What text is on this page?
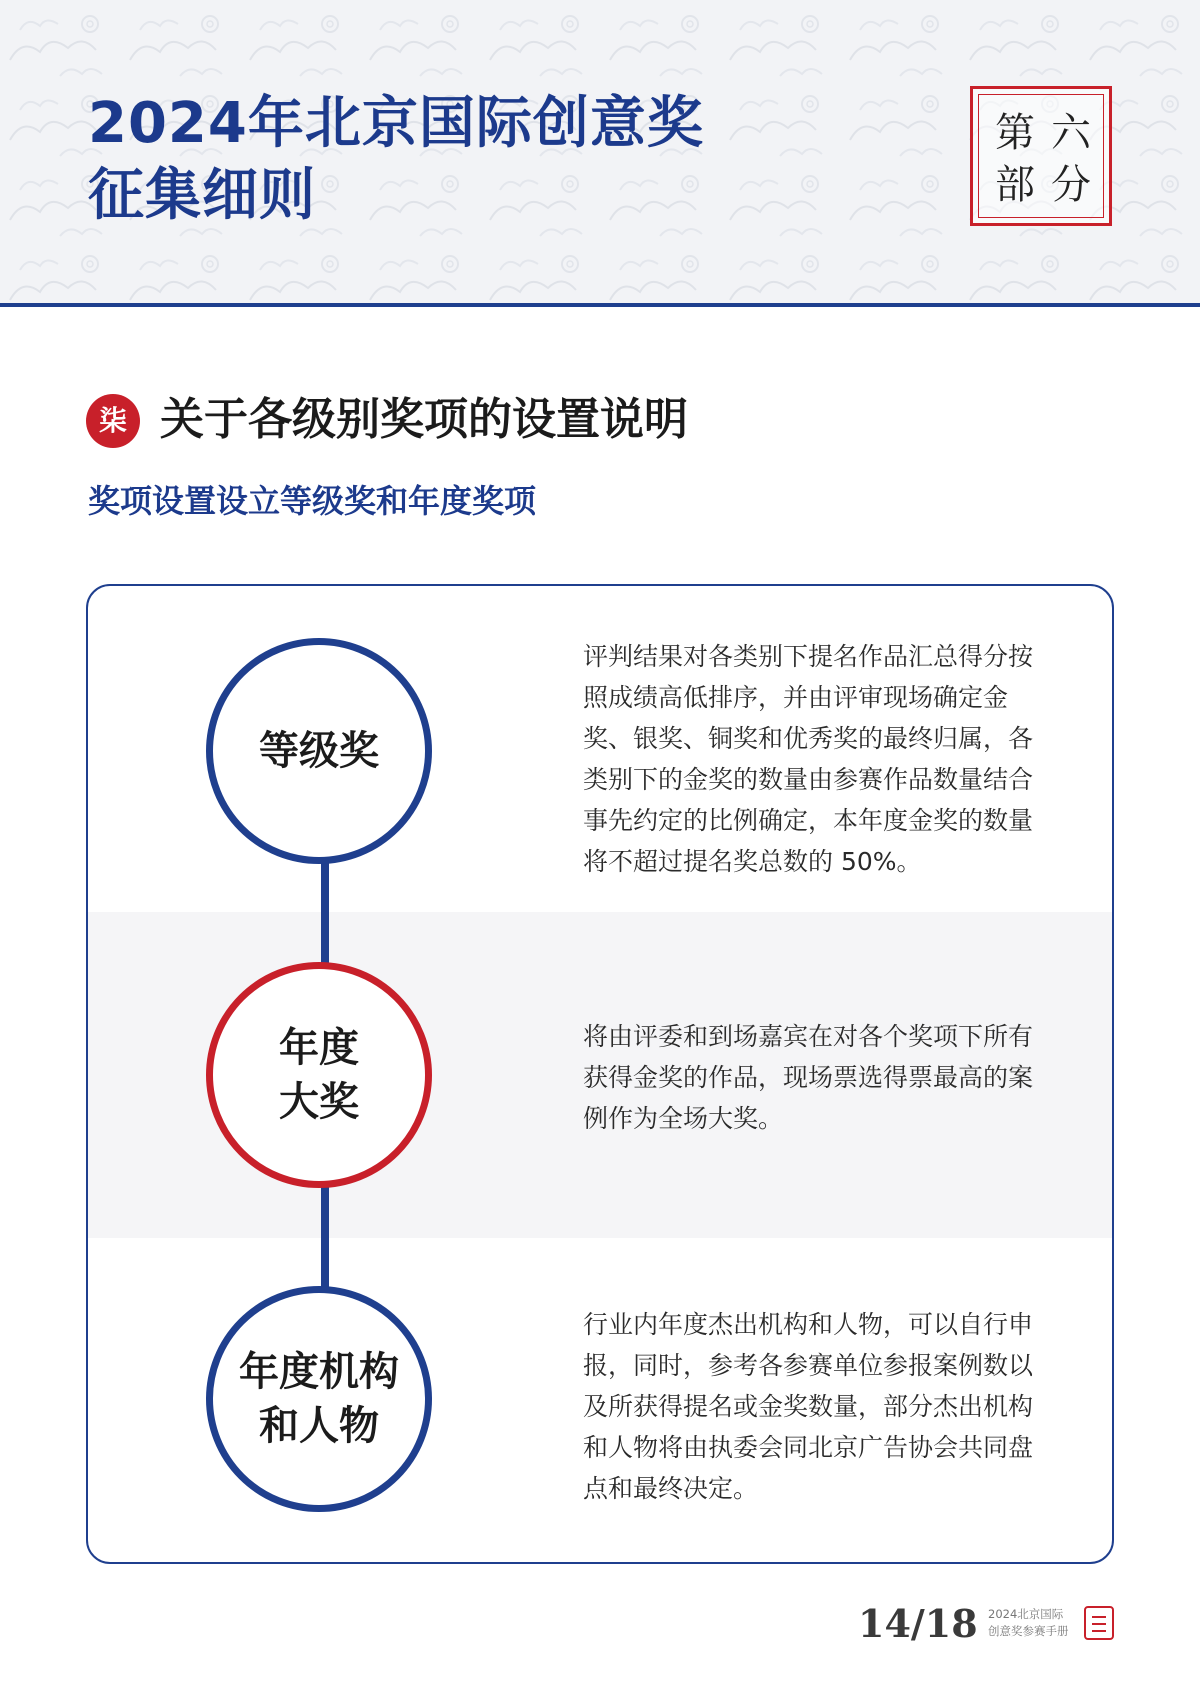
2024年北京国际创意奖
征集细则
第 六
部 分
柒 关于各级别奖项的设置说明
奖项设置设立等级奖和年度奖项
等级奖

评判结果对各类别下提名作品汇总得分按照成绩高低排序，并由评审现场确定金奖、银奖、铜奖和优秀奖的最终归属，各类别下的金奖的数量由参赛作品数量结合事先约定的比例确定，本年度金奖的数量将不超过提名奖总数的 50%。

年度
大奖

将由评委和到场嘉宾在对各个奖项下所有获得金奖的作品，现场票选得票最高的案例作为全场大奖。

年度机构
和人物

行业内年度杰出机构和人物，可以自行申报，同时，参考各参赛单位参报案例数以及所获得提名或金奖数量，部分杰出机构和人物将由执委会同北京广告协会共同盘点和最终决定。

14/18 2024北京国际
创意奖参赛手册
